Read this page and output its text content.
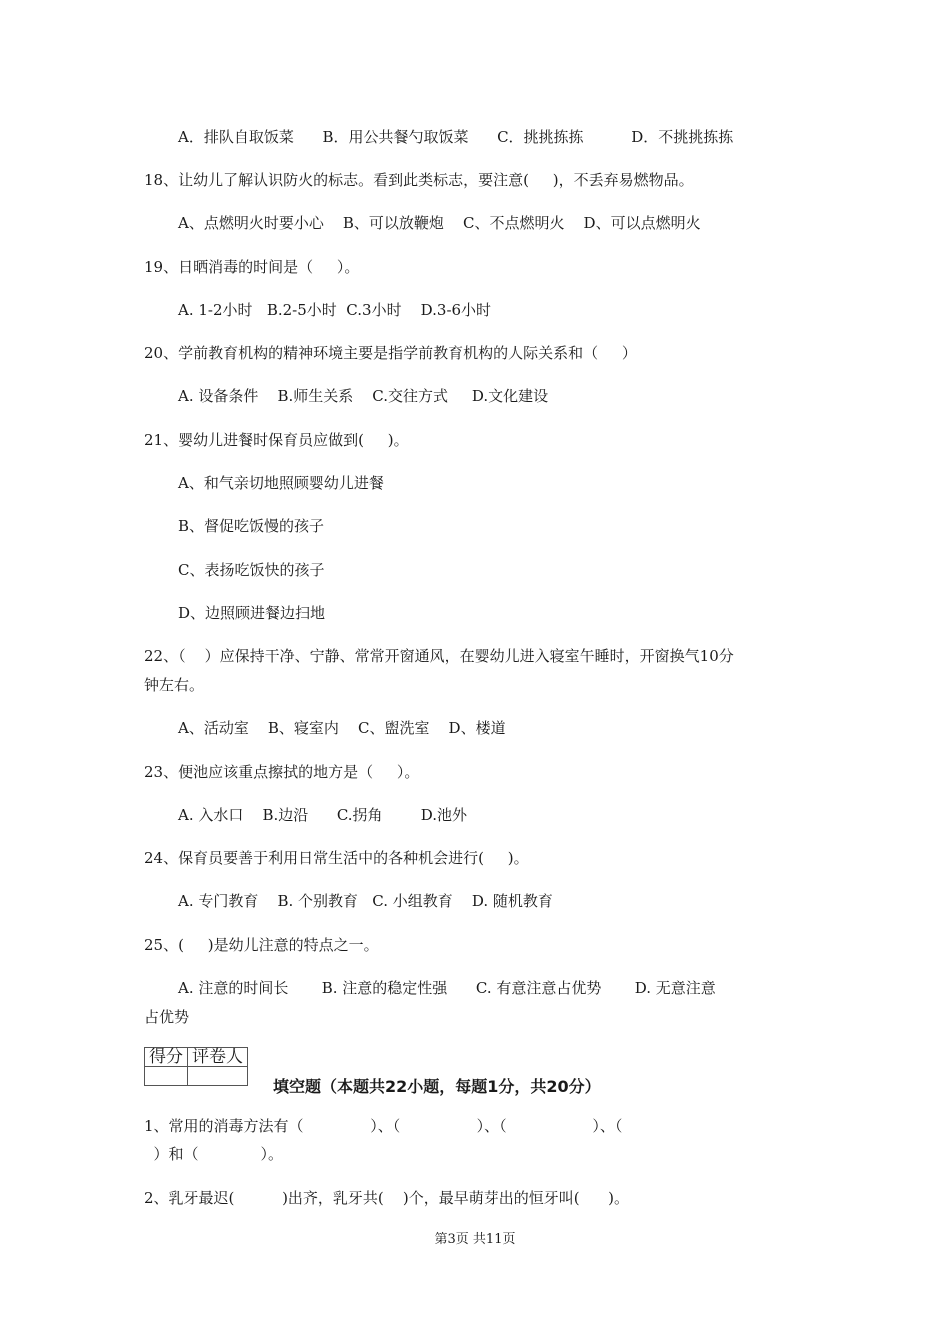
A．排队自取饭菜      B．用公共餐勺取饭菜      C．挑挑拣拣          D．不挑挑拣拣
18、让幼儿了解认识防火的标志。看到此类标志，要注意(     )，不丢弃易燃物品。
A、点燃明火时要小心    B、可以放鞭炮    C、不点燃明火    D、可以点燃明火
19、日晒消毒的时间是（     ）。
A. 1-2小时   B.2-5小时  C.3小时    D.3-6小时
20、学前教育机构的精神环境主要是指学前教育机构的人际关系和（     ）
A. 设备条件    B.师生关系    C.交往方式     D.文化建设
21、婴幼儿进餐时保育员应做到(     )。
A、和气亲切地照顾婴幼儿进餐
B、督促吃饭慢的孩子
C、表扬吃饭快的孩子
D、边照顾进餐边扫地
22、（    ）应保持干净、宁静、常常开窗通风，在婴幼儿进入寝室午睡时，开窗换气10分
钟左右。
A、活动室    B、寝室内    C、盥洗室    D、楼道
23、便池应该重点擦拭的地方是（     ）。
A. 入水口    B.边沿      C.拐角        D.池外
24、保育员要善于利用日常生活中的各种机会进行(     )。
A. 专门教育    B. 个别教育   C. 小组教育    D. 随机教育
25、(     )是幼儿注意的特点之一。
A. 注意的时间长       B. 注意的稳定性强      C. 有意注意占优势       D. 无意注意
占优势
得分	评卷人

填空题（本题共22小题，每题1分，共20分）
1、常用的消毒方法有（              ）、（                ）、（                  ）、（
）和（             ）。
2、乳牙最迟(          )出齐，乳牙共(    )个，最早萌芽出的恒牙叫(      )。
第3页 共11页
